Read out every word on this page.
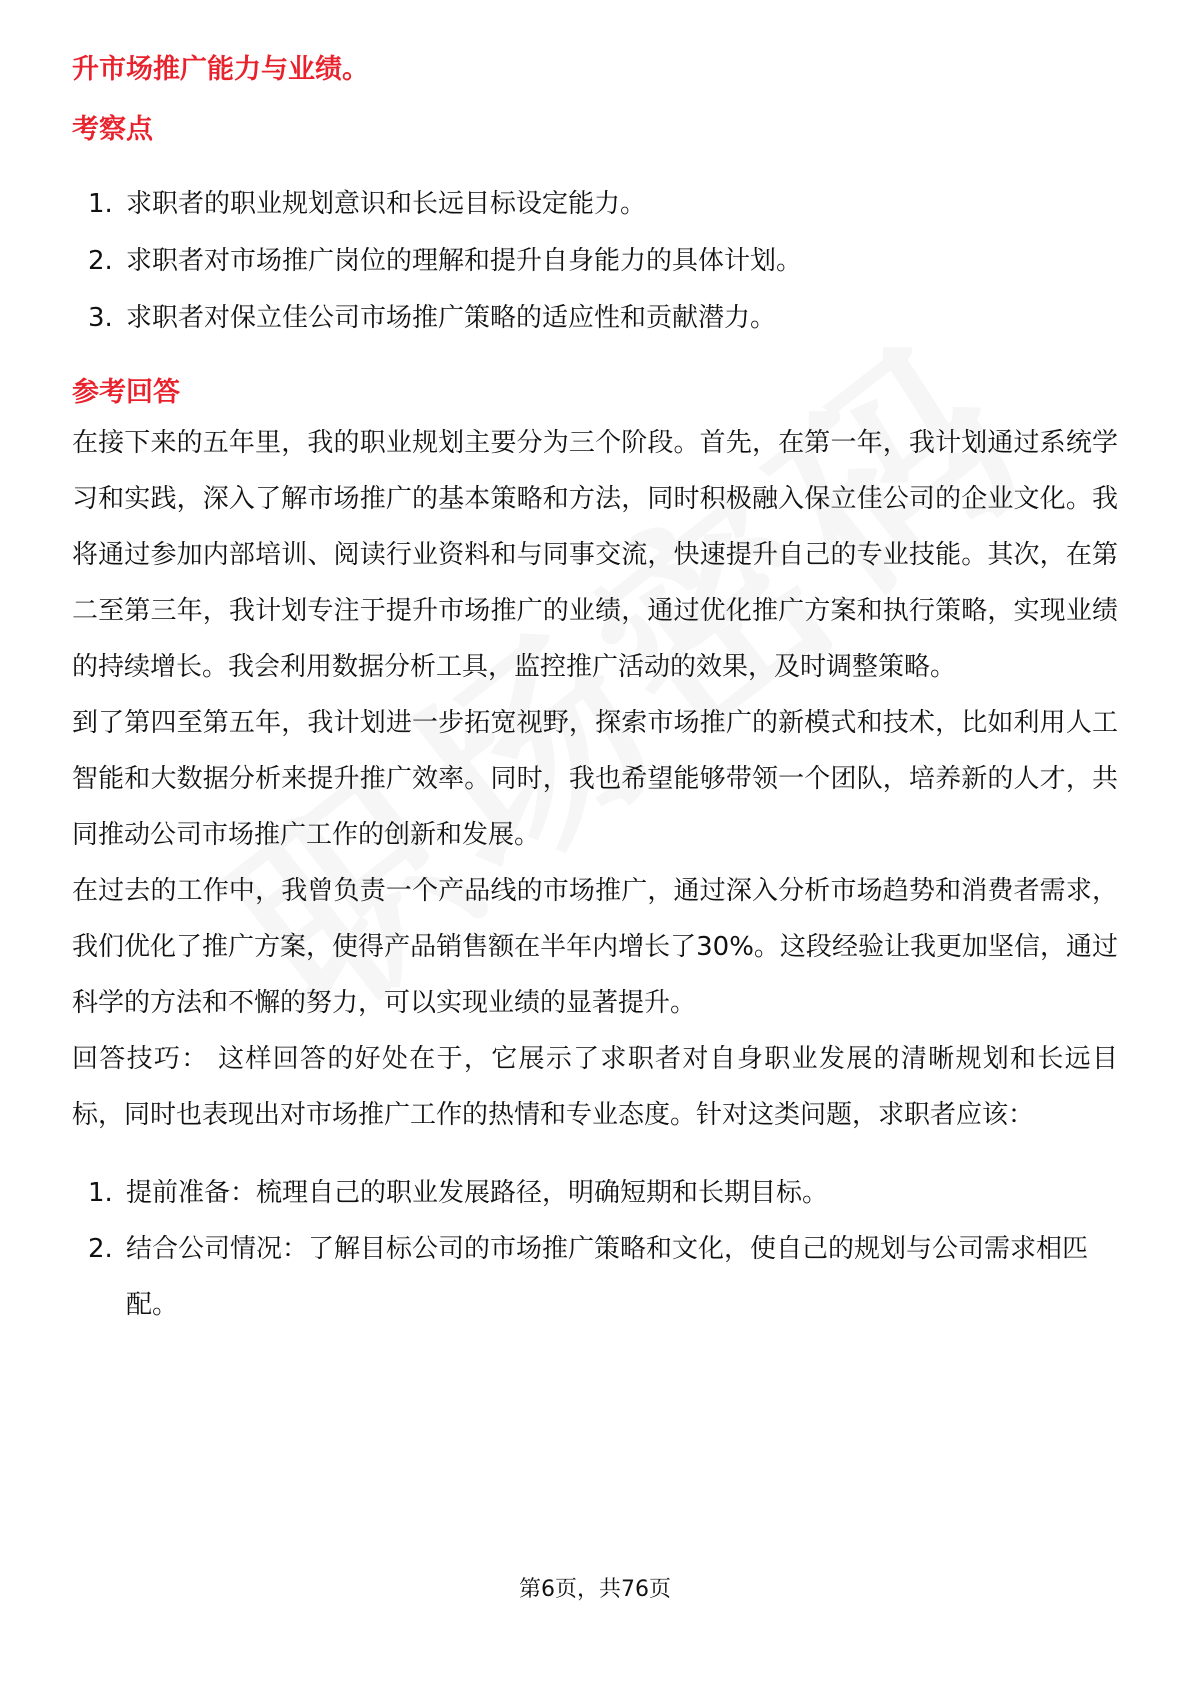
升市场推广能力与业绩。

考察点

1. 求职者的职业规划意识和长远目标设定能力。
2. 求职者对市场推广岗位的理解和提升自身能力的具体计划。
3. 求职者对保立佳公司市场推广策略的适应性和贡献潜力。

参考回答

在接下来的五年里，我的职业规划主要分为三个阶段。首先，在第一年，我计划通过系统学习和实践，深入了解市场推广的基本策略和方法，同时积极融入保立佳公司的企业文化。我将通过参加内部培训、阅读行业资料和与同事交流，快速提升自己的专业技能。其次，在第二至第三年，我计划专注于提升市场推广的业绩，通过优化推广方案和执行策略，实现业绩的持续增长。我会利用数据分析工具，监控推广活动的效果，及时调整策略。

到了第四至第五年，我计划进一步拓宽视野，探索市场推广的新模式和技术，比如利用人工智能和大数据分析来提升推广效率。同时，我也希望能够带领一个团队，培养新的人才，共同推动公司市场推广工作的创新和发展。

在过去的工作中，我曾负责一个产品线的市场推广，通过深入分析市场趋势和消费者需求，我们优化了推广方案，使得产品销售额在半年内增长了30%。这段经验让我更加坚信，通过科学的方法和不懈的努力，可以实现业绩的显著提升。

回答技巧： 这样回答的好处在于，它展示了求职者对自身职业发展的清晰规划和长远目标，同时也表现出对市场推广工作的热情和专业态度。针对这类问题，求职者应该：

1. 提前准备：梳理自己的职业发展路径，明确短期和长期目标。
2. 结合公司情况：了解目标公司的市场推广策略和文化，使自己的规划与公司需求相匹配。
第6页，共76页
